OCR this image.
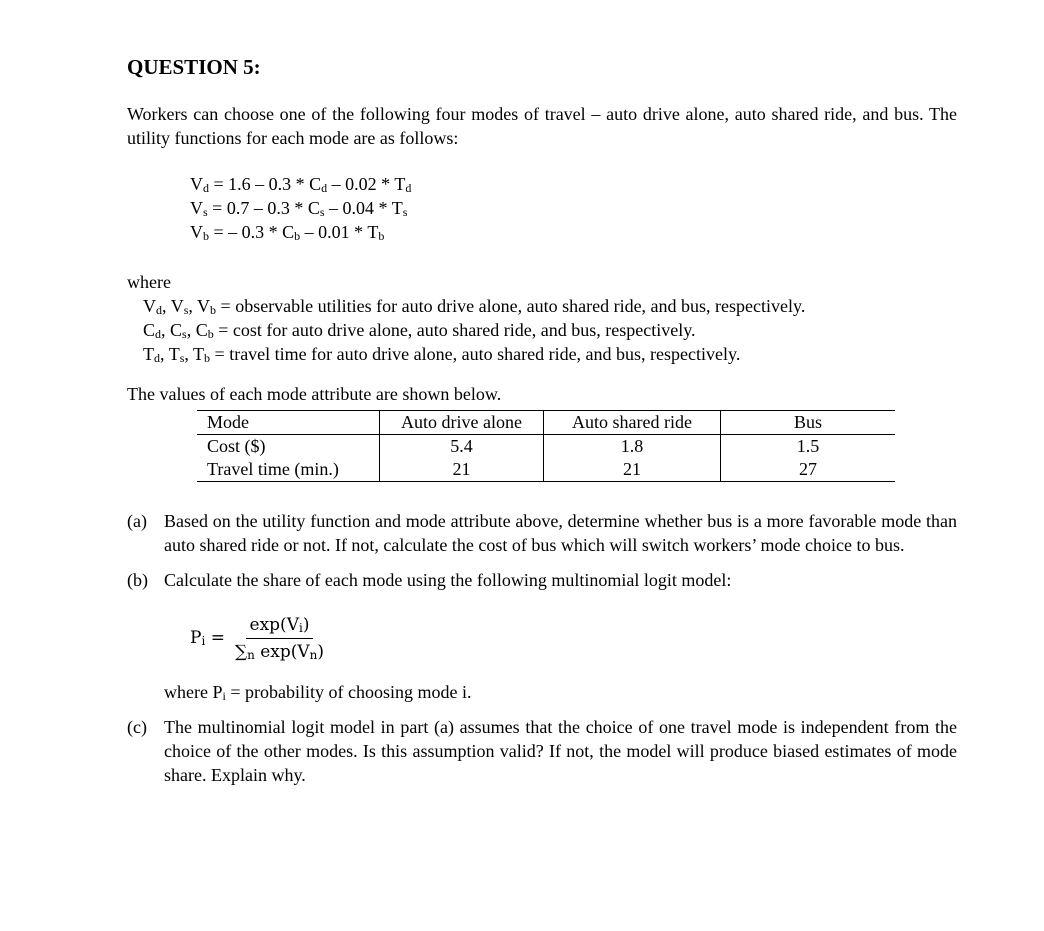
QUESTION 5:

Workers can choose one of the following four modes of travel – auto drive alone, auto shared ride, and bus. The utility functions for each mode are as follows:

$V_d = 1.6 - 0.3 * C_d - 0.02 * T_d$
$V_s = 0.7 - 0.3 * C_s - 0.04 * T_s$
$V_b$ = – $0.3 * C_b - 0.01 * T_b$

where

$V_d$, $V_s$, $V_b$ = observable utilities for auto drive alone, auto shared ride, and bus, respectively.
$C_d$, $C_s$, $C_b = \cos t$ for auto drive alone, auto shared ride, and bus, respectively.
$T_d$, $T_s$, $T_b$ = travel time for auto drive alone, auto shared ride, and bus, respectively.

The values of each mode attribute are shown below.

Mode	Auto drive alone	Auto shared ride	Bus
Cost ($)	5.4	1.8	1.5
Travel time (min.)	21	21	27
(a) Based on the utility function and mode attribute above, determine whether bus is a more favorable mode than auto shared ride or not. If not, calculate the cost of bus which will switch workers’ mode choice to bus.
(b) Calculate the share of each mode using the following multinomial logit model:
$P_i = \frac{\exp(V_i)}{\sum_n \exp(V_n)}$
where $P_i$ = probability of choosing mode i.
(c) The multinomial logit model in part (a) assumes that the choice of one travel mode is independent from the choice of the other modes. Is this assumption valid? If not, the model will produce biased estimates of mode share. Explain why.
